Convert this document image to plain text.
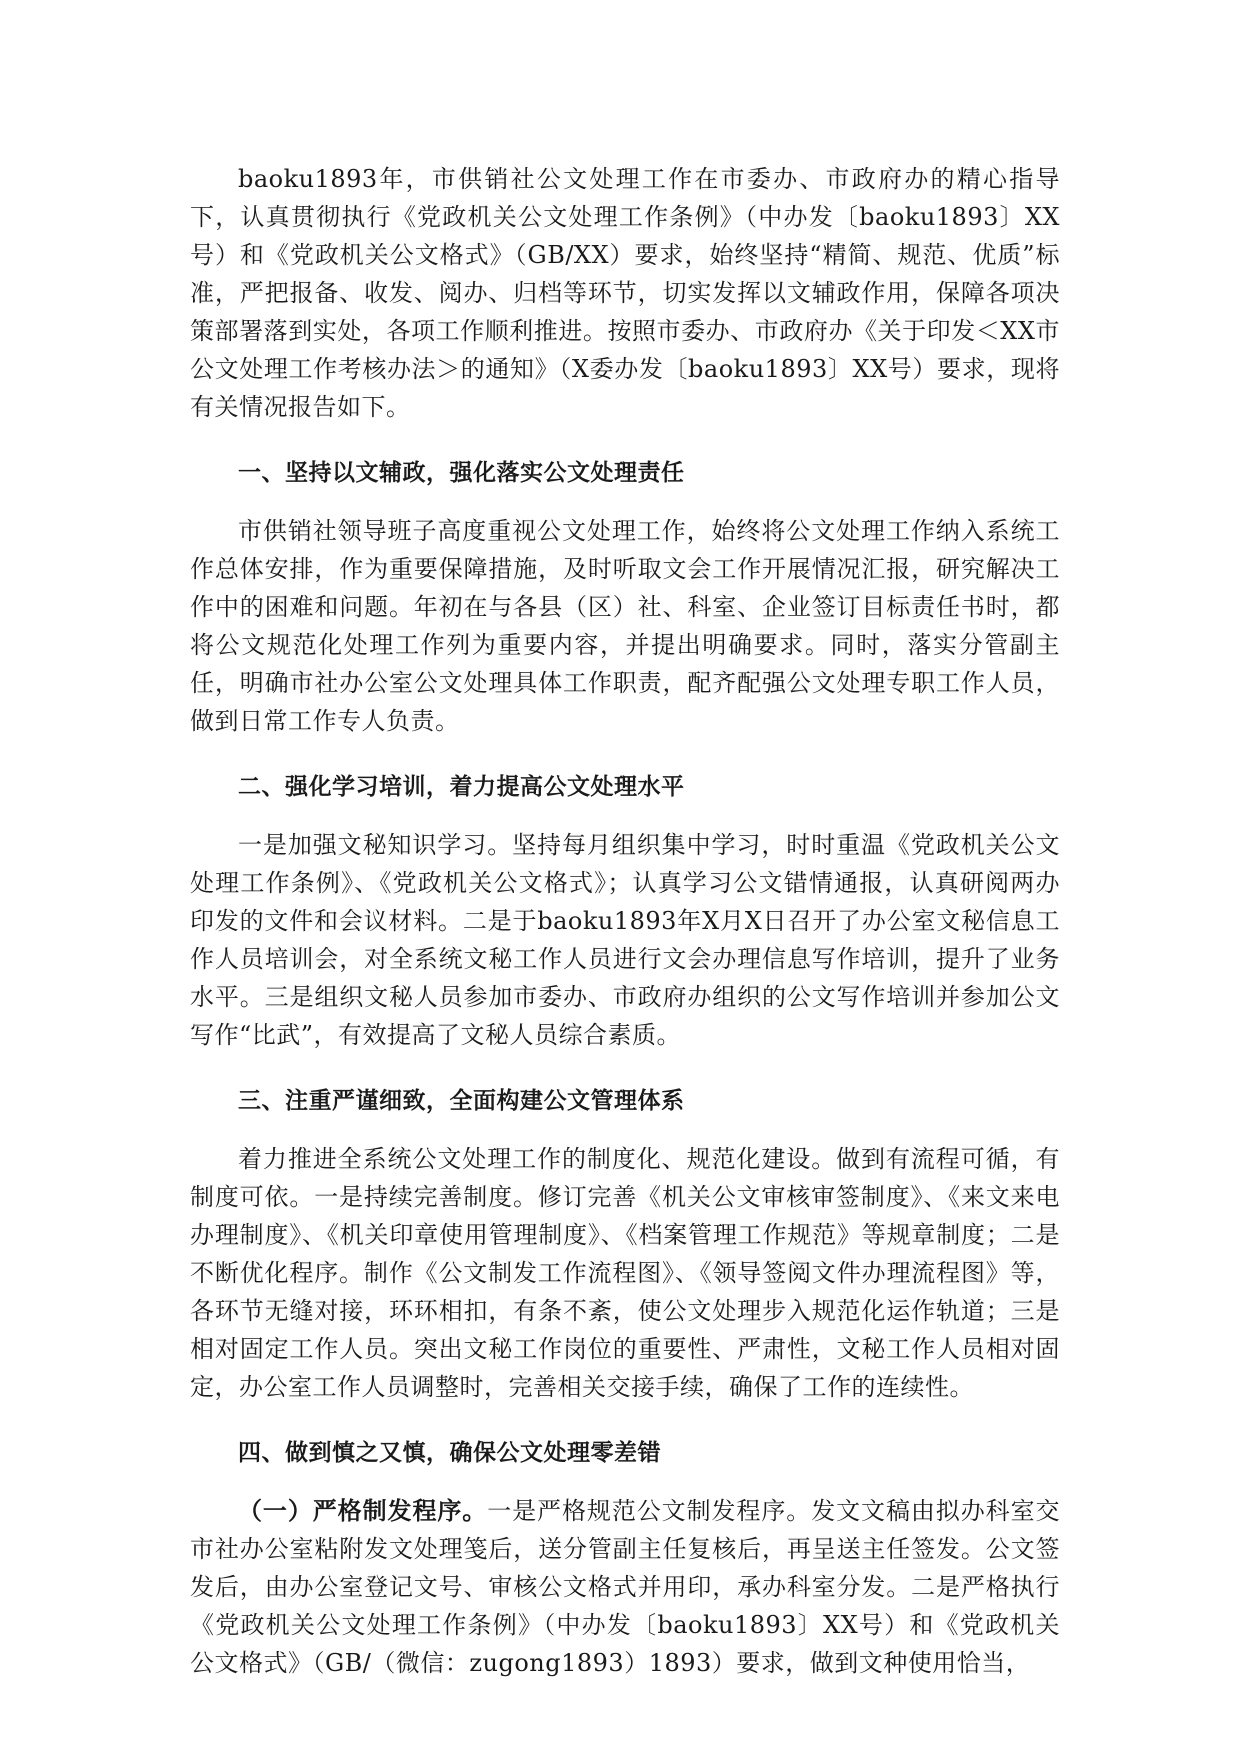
baoku1893年，市供销社公文处理工作在市委办、市政府办的精心指导下，认真贯彻执行《党政机关公文处理工作条例》（中办发〔baoku1893〕XX号）和《党政机关公文格式》（GB/XX）要求，始终坚持“精简、规范、优质”标准，严把报备、收发、阅办、归档等环节，切实发挥以文辅政作用，保障各项决策部署落到实处，各项工作顺利推进。按照市委办、市政府办《关于印发＜XX市公文处理工作考核办法＞的通知》（X委办发〔baoku1893〕XX号）要求，现将有关情况报告如下。

一、坚持以文辅政，强化落实公文处理责任

市供销社领导班子高度重视公文处理工作，始终将公文处理工作纳入系统工作总体安排，作为重要保障措施，及时听取文会工作开展情况汇报，研究解决工作中的困难和问题。年初在与各县（区）社、科室、企业签订目标责任书时，都将公文规范化处理工作列为重要内容，并提出明确要求。同时，落实分管副主任，明确市社办公室公文处理具体工作职责，配齐配强公文处理专职工作人员，做到日常工作专人负责。

二、强化学习培训，着力提高公文处理水平

一是加强文秘知识学习。坚持每月组织集中学习，时时重温《党政机关公文处理工作条例》、《党政机关公文格式》；认真学习公文错情通报，认真研阅两办印发的文件和会议材料。二是于baoku1893年X月X日召开了办公室文秘信息工作人员培训会，对全系统文秘工作人员进行文会办理信息写作培训，提升了业务水平。三是组织文秘人员参加市委办、市政府办组织的公文写作培训并参加公文写作“比武”，有效提高了文秘人员综合素质。

三、注重严谨细致，全面构建公文管理体系

着力推进全系统公文处理工作的制度化、规范化建设。做到有流程可循，有制度可依。一是持续完善制度。修订完善《机关公文审核审签制度》、《来文来电办理制度》、《机关印章使用管理制度》、《档案管理工作规范》等规章制度；二是不断优化程序。制作《公文制发工作流程图》、《领导签阅文件办理流程图》等，各环节无缝对接，环环相扣，有条不紊，使公文处理步入规范化运作轨道；三是相对固定工作人员。突出文秘工作岗位的重要性、严肃性，文秘工作人员相对固定，办公室工作人员调整时，完善相关交接手续，确保了工作的连续性。

四、做到慎之又慎，确保公文处理零差错

（一）严格制发程序。一是严格规范公文制发程序。发文文稿由拟办科室交市社办公室粘附发文处理笺后，送分管副主任复核后，再呈送主任签发。公文签发后，由办公室登记文号、审核公文格式并用印，承办科室分发。二是严格执行《党政机关公文处理工作条例》（中办发〔baoku1893〕XX号）和《党政机关公文格式》（GB/（微信：zugong1893）1893）要求，做到文种使用恰当，
